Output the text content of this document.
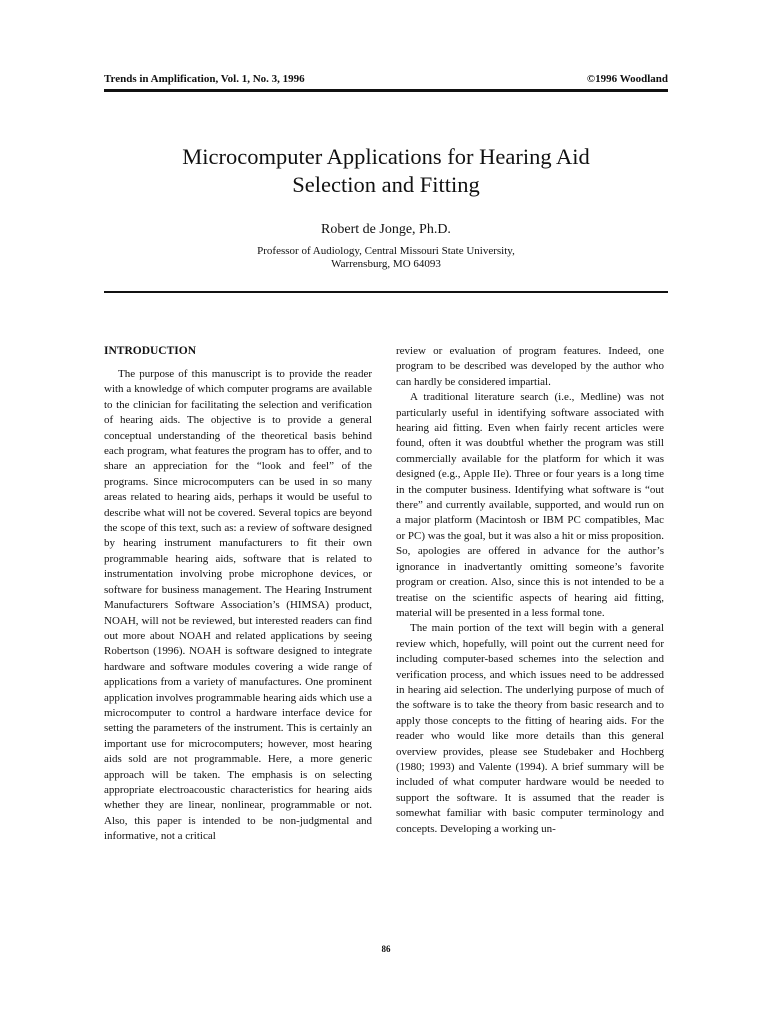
Trends in Amplification, Vol. 1, No. 3, 1996	©1996 Woodland
Microcomputer Applications for Hearing Aid
Selection and Fitting
Robert de Jonge, Ph.D.
Professor of Audiology, Central Missouri State University,
Warrensburg, MO 64093
INTRODUCTION

The purpose of this manuscript is to provide the reader with a knowledge of which computer programs are available to the clinician for facilitating the selection and verification of hearing aids. The objective is to provide a general conceptual understanding of the theoretical basis behind each program, what features the program has to offer, and to share an appreciation for the “look and feel” of the programs. Since microcomputers can be used in so many areas related to hearing aids, perhaps it would be useful to describe what will not be covered. Several topics are beyond the scope of this text, such as: a review of software designed by hearing instrument manufacturers to fit their own programmable hearing aids, software that is related to instrumentation involving probe microphone devices, or software for business management. The Hearing Instrument Manufacturers Software Association’s (HIMSA) product, NOAH, will not be reviewed, but interested readers can find out more about NOAH and related applications by seeing Robertson (1996). NOAH is software designed to integrate hardware and software modules covering a wide range of applications from a variety of manufactures. One prominent application involves programmable hearing aids which use a microcomputer to control a hardware interface device for setting the parameters of the instrument. This is certainly an important use for microcomputers; however, most hearing aids sold are not programmable. Here, a more generic approach will be taken. The emphasis is on selecting appropriate electroacoustic characteristics for hearing aids whether they are linear, nonlinear, programmable or not. Also, this paper is intended to be non-judgmental and informative, not a critical

review or evaluation of program features. Indeed, one program to be described was developed by the author who can hardly be considered impartial.

A traditional literature search (i.e., Medline) was not particularly useful in identifying software associated with hearing aid fitting. Even when fairly recent articles were found, often it was doubtful whether the program was still commercially available for the platform for which it was designed (e.g., Apple IIe). Three or four years is a long time in the computer business. Identifying what software is “out there” and currently available, supported, and would run on a major platform (Macintosh or IBM PC compatibles, Mac or PC) was the goal, but it was also a hit or miss proposition. So, apologies are offered in advance for the author’s ignorance in inadvertantly omitting someone’s favorite program or creation. Also, since this is not intended to be a treatise on the scientific aspects of hearing aid fitting, material will be presented in a less formal tone.

The main portion of the text will begin with a general review which, hopefully, will point out the current need for including computer-based schemes into the selection and verification process, and which issues need to be addressed in hearing aid selection. The underlying purpose of much of the software is to take the theory from basic research and to apply those concepts to the fitting of hearing aids. For the reader who would like more details than this general overview provides, please see Studebaker and Hochberg (1980; 1993) and Valente (1994). A brief summary will be included of what computer hardware would be needed to support the software. It is assumed that the reader is somewhat familiar with basic computer terminology and concepts. Developing a working un-

86
